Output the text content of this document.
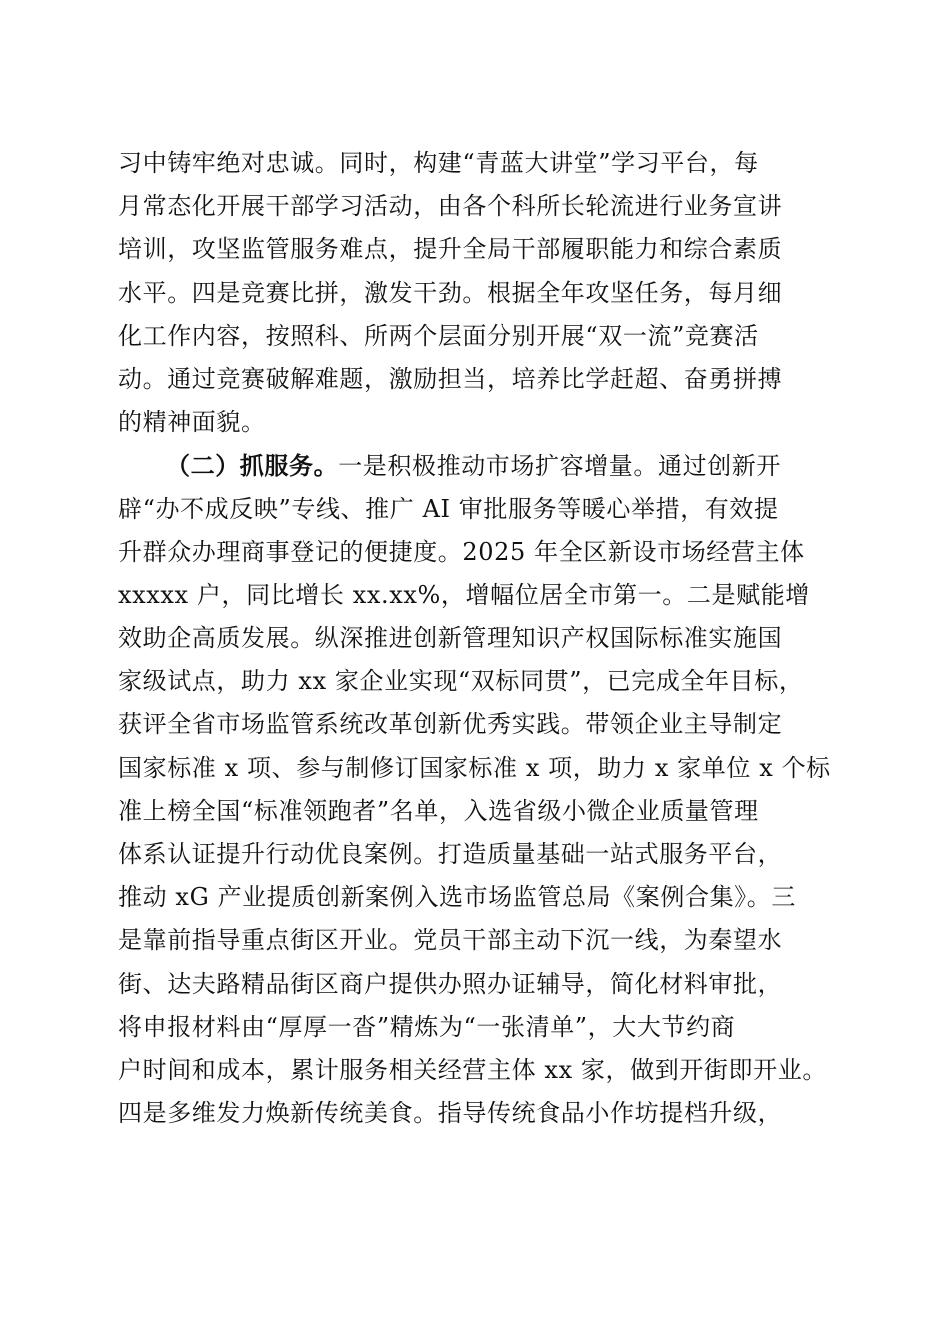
习中铸牢绝对忠诚。同时，构建“青蓝大讲堂”学习平台，每
月常态化开展干部学习活动，由各个科所长轮流进行业务宣讲
培训，攻坚监管服务难点，提升全局干部履职能力和综合素质
水平。四是竞赛比拼，激发干劲。根据全年攻坚任务，每月细
化工作内容，按照科、所两个层面分别开展“双一流”竞赛活
动。通过竞赛破解难题，激励担当，培养比学赶超、奋勇拼搏
的精神面貌。
（二）抓服务。一是积极推动市场扩容增量。通过创新开
辟“办不成反映”专线、推广 AI 审批服务等暖心举措，有效提
升群众办理商事登记的便捷度。2025 年全区新设市场经营主体
xxxxx 户，同比增长 xx.xx%，增幅位居全市第一。二是赋能增
效助企高质发展。纵深推进创新管理知识产权国际标准实施国
家级试点，助力 xx 家企业实现“双标同贯”，已完成全年目标，
获评全省市场监管系统改革创新优秀实践。带领企业主导制定
国家标准 x 项、参与制修订国家标准 x 项，助力 x 家单位 x 个标
准上榜全国“标准领跑者”名单，入选省级小微企业质量管理
体系认证提升行动优良案例。打造质量基础一站式服务平台，
推动 xG 产业提质创新案例入选市场监管总局《案例合集》。三
是靠前指导重点街区开业。党员干部主动下沉一线，为秦望水
街、达夫路精品街区商户提供办照办证辅导，简化材料审批，
将申报材料由“厚厚一沓”精炼为“一张清单”，大大节约商
户时间和成本，累计服务相关经营主体 xx 家，做到开街即开业。
四是多维发力焕新传统美食。指导传统食品小作坊提档升级，
